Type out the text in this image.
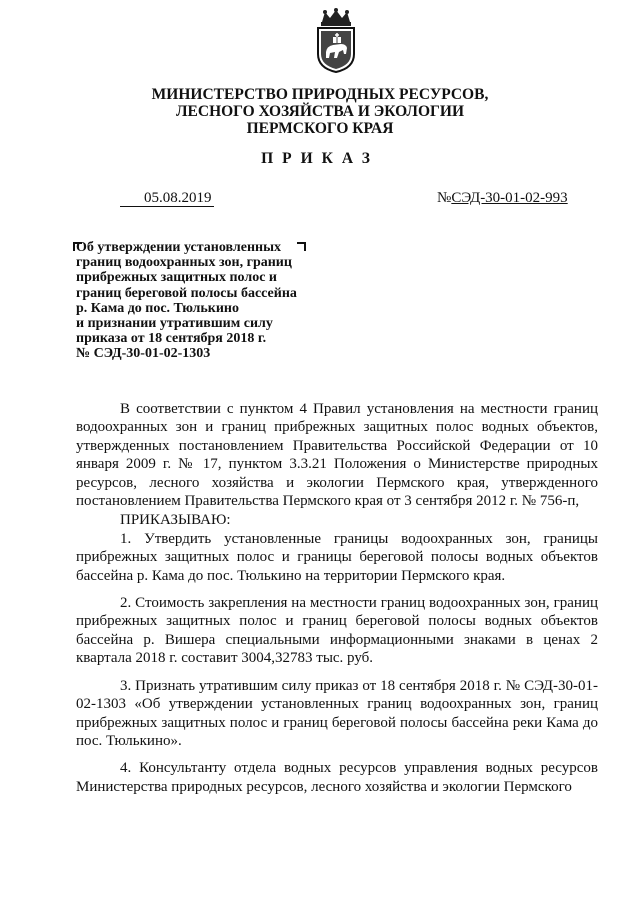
МИНИСТЕРСТВО ПРИРОДНЫХ РЕСУРСОВ,
ЛЕСНОГО ХОЗЯЙСТВА И ЭКОЛОГИИ
ПЕРМСКОГО КРАЯ
ПРИКАЗ
05.08.2019	№СЭД-30-01-02-993
Об утверждении установленных
границ водоохранных зон, границ
прибрежных защитных полос и
границ береговой полосы бассейна
р. Кама до пос. Тюлькино
и признании утратившим силу
приказа от 18 сентября 2018 г.
№ СЭД-30-01-02-1303

В соответствии с пунктом 4 Правил установления на местности границ водоохранных зон и границ прибрежных защитных полос водных объектов, утвержденных постановлением Правительства Российской Федерации от 10 января 2009 г. № 17, пунктом 3.3.21 Положения о Министерстве природных ресурсов, лесного хозяйства и экологии Пермского края, утвержденного постановлением Правительства Пермского края от 3 сентября 2012 г. № 756-п,

ПРИКАЗЫВАЮ:

1. Утвердить установленные границы водоохранных зон, границы прибрежных защитных полос и границы береговой полосы водных объектов бассейна р. Кама до пос. Тюлькино на территории Пермского края.

2. Стоимость закрепления на местности границ водоохранных зон, границ прибрежных защитных полос и границ береговой полосы водных объектов бассейна р. Вишера специальными информационными знаками в ценах 2 квартала 2018 г. составит 3004,32783 тыс. руб.

3. Признать утратившим силу приказ от 18 сентября 2018 г. № СЭД-30-01-02-1303 «Об утверждении установленных границ водоохранных зон, границ прибрежных защитных полос и границ береговой полосы бассейна реки Кама до пос. Тюлькино».

4. Консультанту отдела водных ресурсов управления водных ресурсов Министерства природных ресурсов, лесного хозяйства и экологии Пермского
